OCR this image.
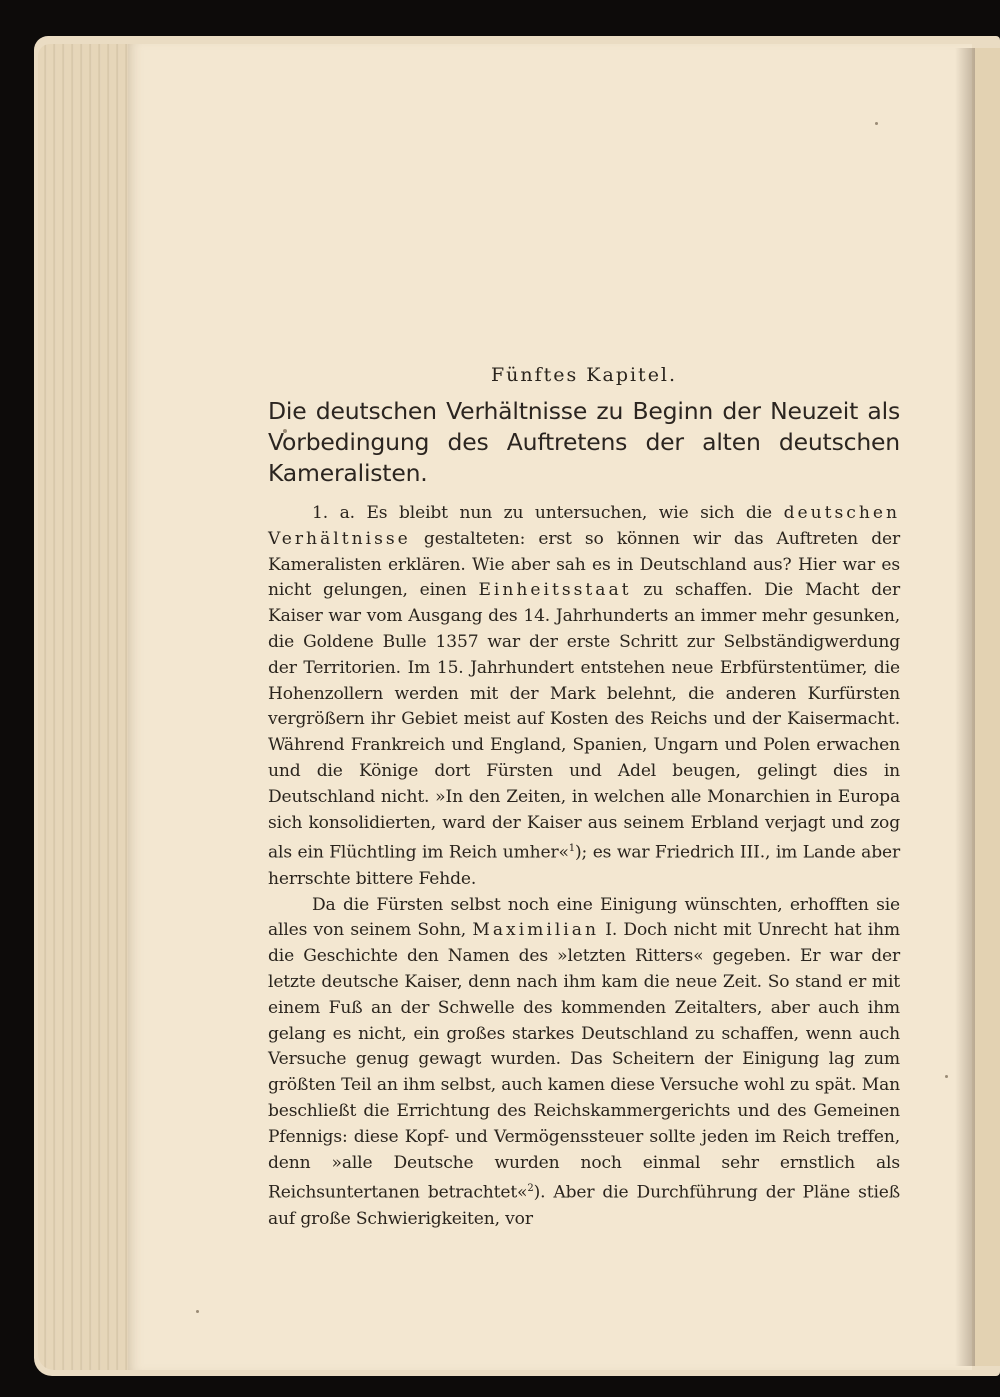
Fünftes Kapitel.
Die deutschen Verhältnisse zu Beginn der Neuzeit als Vorbedingung des Auftretens der alten deutschen Kameralisten.

1. a. Es bleibt nun zu untersuchen, wie sich die deutschen Verhältnisse gestalteten: erst so können wir das Auftreten der Kameralisten erklären. Wie aber sah es in Deutschland aus? Hier war es nicht gelungen, einen Einheitsstaat zu schaffen. Die Macht der Kaiser war vom Ausgang des 14. Jahrhunderts an immer mehr gesunken, die Goldene Bulle 1357 war der erste Schritt zur Selbständigwerdung der Territorien. Im 15. Jahrhundert entstehen neue Erbfürstentümer, die Hohenzollern werden mit der Mark belehnt, die anderen Kurfürsten vergrößern ihr Gebiet meist auf Kosten des Reichs und der Kaisermacht. Während Frankreich und England, Spanien, Ungarn und Polen erwachen und die Könige dort Fürsten und Adel beugen, gelingt dies in Deutschland nicht. »In den Zeiten, in welchen alle Monarchien in Europa sich konsolidierten, ward der Kaiser aus seinem Erbland verjagt und zog als ein Flüchtling im Reich umher«$^1$); es war Friedrich III., im Lande aber herrschte bittere Fehde.

Da die Fürsten selbst noch eine Einigung wünschten, erhofften sie alles von seinem Sohn, Maximilian I. Doch nicht mit Unrecht hat ihm die Geschichte den Namen des »letzten Ritters« gegeben. Er war der letzte deutsche Kaiser, denn nach ihm kam die neue Zeit. So stand er mit einem Fuß an der Schwelle des kommenden Zeitalters, aber auch ihm gelang es nicht, ein großes starkes Deutschland zu schaffen, wenn auch Versuche genug gewagt wurden. Das Scheitern der Einigung lag zum größten Teil an ihm selbst, auch kamen diese Versuche wohl zu spät. Man beschließt die Errichtung des Reichskammergerichts und des Gemeinen Pfennigs: diese Kopf- und Vermögenssteuer sollte jeden im Reich treffen, denn »alle Deutsche wurden noch einmal sehr ernstlich als Reichsuntertanen betrachtet«$^2$). Aber die Durchführung der Pläne stieß auf große Schwierigkeiten, vor
